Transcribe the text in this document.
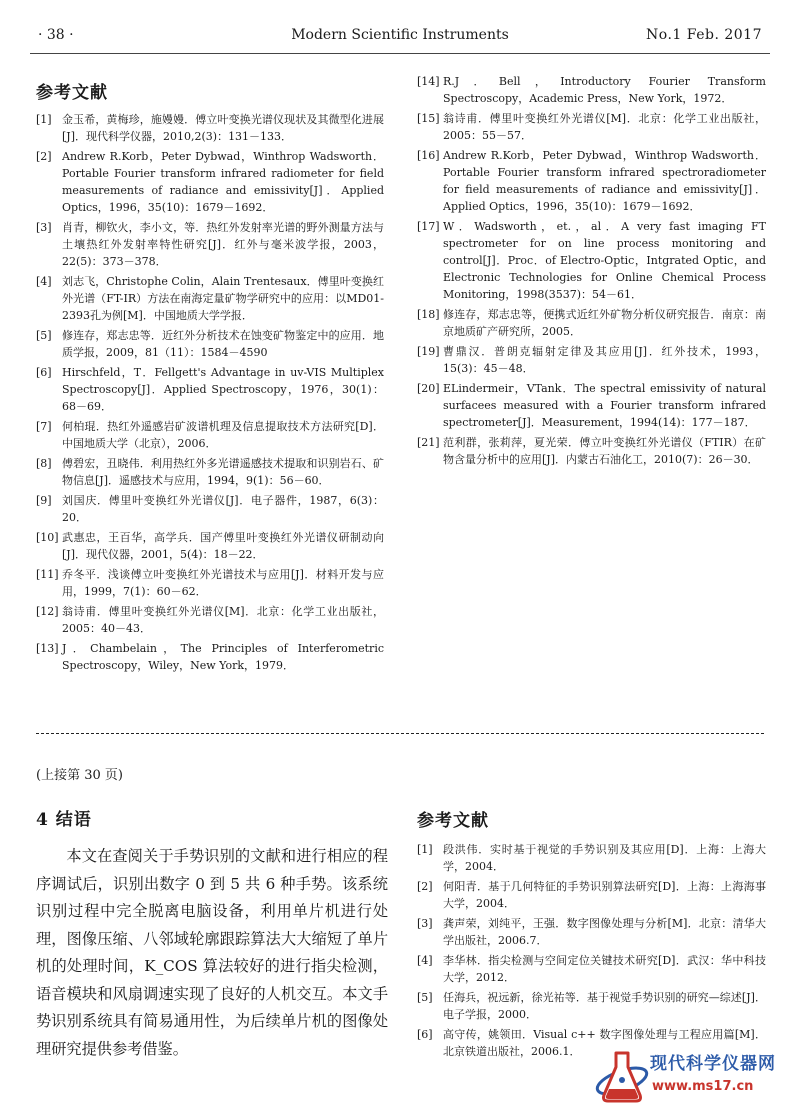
· 38 ·	Modern Scientific Instruments	No.1 Feb. 2017
参考文献
[1] 金玉希，黄梅珍，施嫚嫚．傅立叶变换光谱仪现状及其微型化进展[J]．现代科学仪器，2010,2(3)：131－133．
[2] Andrew R.Korb，Peter Dybwad，Winthrop Wadsworth．Portable Fourier transform infrared radiometer for field measurements of radiance and emissivity[J]．Applied Optics，1996，35(10)：1679－1692．
[3] 肖青，柳钦火，李小文，等．热红外发射率光谱的野外测量方法与土壤热红外发射率特性研究[J]．红外与毫米波学报，2003，22(5)：373－378．
[4] 刘志飞，Christophe Colin，Alain Trentesaux．傅里叶变换红外光谱（FT-IR）方法在南海定量矿物学研究中的应用：以MD01-2393孔为例[M]．中国地质大学学报．
[5] 修连存，郑志忠等．近红外分析技术在蚀变矿物鉴定中的应用．地质学报，2009，81（11）：1584－4590
[6] Hirschfeld，T．Fellgett's Advantage in uv-VIS Multiplex Spectroscopy[J]．Applied Spectroscopy，1976，30(1)：68－69．
[7] 何柏琨．热红外遥感岩矿波谱机理及信息提取技术方法研究[D]．中国地质大学（北京），2006．
[8] 傅碧宏，丑晓伟．利用热红外多光谱遥感技术提取和识别岩石、矿物信息[J]．遥感技术与应用，1994，9(1)：56－60．
[9] 刘国庆．傅里叶变换红外光谱仪[J]．电子器件，1987，6(3)：20．
[10] 武惠忠，王百华，高学兵．国产傅里叶变换红外光谱仪研制动向[J]．现代仪器，2001，5(4)：18－22．
[11] 乔冬平．浅谈傅立叶变换红外光谱技术与应用[J]．材料开发与应用，1999，7(1)：60－62．
[12] 翁诗甫．傅里叶变换红外光谱仪[M]．北京：化学工业出版社，2005：40－43．
[13] J．Chambelain，The Principles of Interferometric Spectroscopy，Wiley，New York，1979．
[14] R.J．Bell，Introductory Fourier Transform Spectroscopy，Academic Press，New York，1972．
[15] 翁诗甫．傅里叶变换红外光谱仪[M]．北京：化学工业出版社，2005：55－57．
[16] Andrew R.Korb，Peter Dybwad，Winthrop Wadsworth．Portable Fourier transform infrared spectroradiometer for field measurements of radiance and emissivity[J]．Applied Optics，1996，35(10)：1679－1692．
[17] W．Wadsworth，et.，al．A very fast imaging FT spectrometer for on line process monitoring and control[J]．Proc．of Electro-Optic，Intgrated Optic，and Electronic Technologies for Online Chemical Process Monitoring，1998(3537)：54－61．
[18] 修连存，郑志忠等，便携式近红外矿物分析仪研究报告．南京：南京地质矿产研究所，2005．
[19] 曹鼎汉．普朗克辐射定律及其应用[J]．红外技术，1993，15(3)：45－48．
[20] ELindermeir，VTank．The spectral emissivity of natural surfacees measured with a Fourier transform infrared spectrometer[J]．Measurement，1994(14)：177－187．
[21] 范利群，张莉萍，夏光荣．傅立叶变换红外光谱仪（FTIR）在矿物含量分析中的应用[J]．内蒙古石油化工，2010(7)：26－30．
(上接第 30 页)
4 结语

本文在查阅关于手势识别的文献和进行相应的程序调试后，识别出数字 0 到 5 共 6 种手势。该系统识别过程中完全脱离电脑设备，利用单片机进行处理，图像压缩、八邻域轮廓跟踪算法大大缩短了单片机的处理时间，K_COS 算法较好的进行指尖检测，语音模块和风扇调速实现了良好的人机交互。本文手势识别系统具有简易通用性，为后续单片机的图像处理研究提供参考借鉴。

参考文献
[1] 段洪伟．实时基于视觉的手势识别及其应用[D]．上海：上海大学，2004．
[2] 何阳青．基于几何特征的手势识别算法研究[D]．上海：上海海事大学，2004．
[3] 龚声荣，刘纯平，王强．数字图像处理与分析[M]．北京：清华大学出版社，2006.7．
[4] 李华林．指尖检测与空间定位关键技术研究[D]．武汉：华中科技大学，2012．
[5] 任海兵，祝远新，徐光祐等．基于视觉手势识别的研究—综述[J]．电子学报，2000．
[6] 高守传，姚领田．Visual c++ 数字图像处理与工程应用篇[M]．北京铁道出版社，2006.1．
现代科学仪器网
www.ms17.cn
